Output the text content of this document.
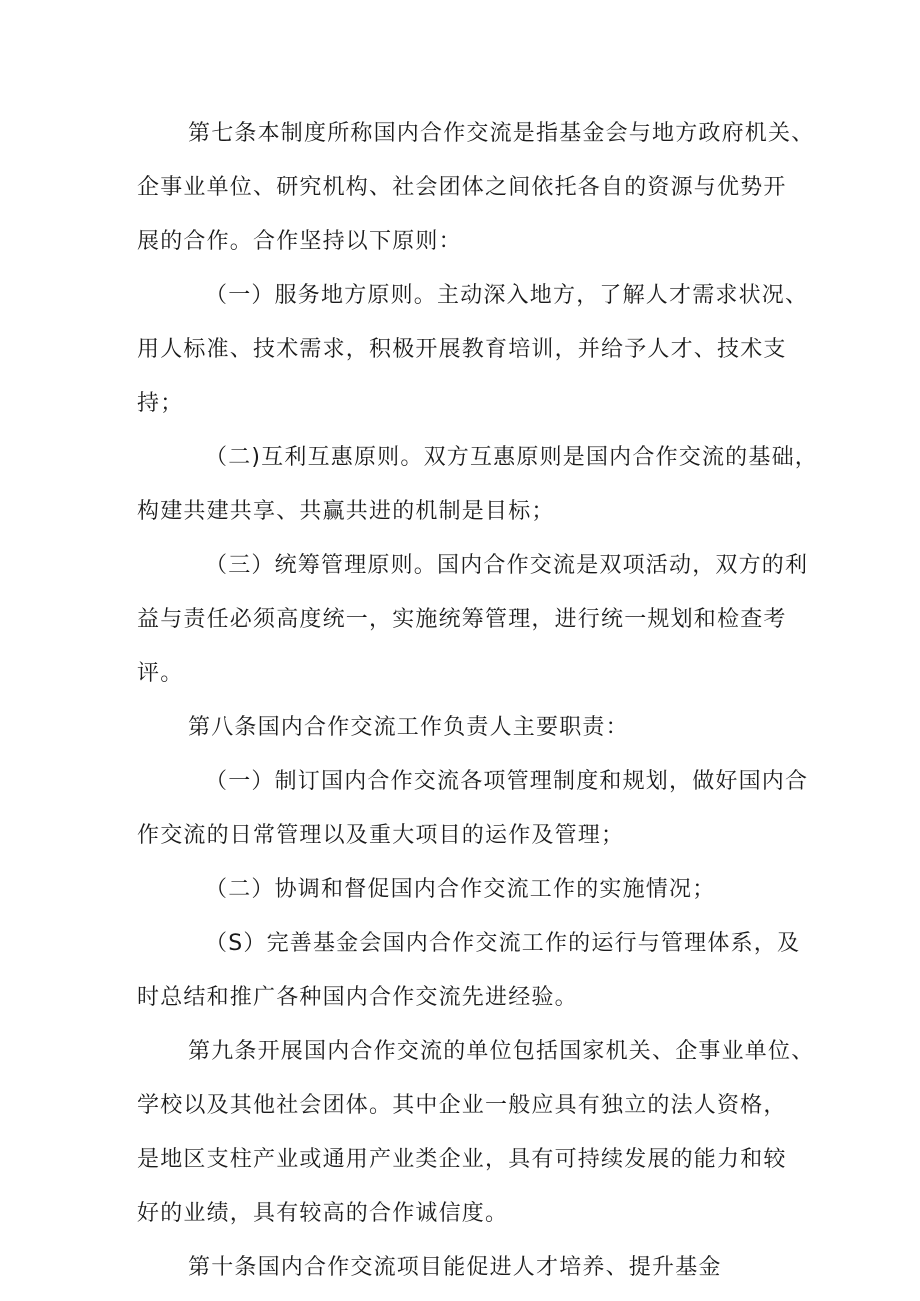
第七条本制度所称国内合作交流是指基金会与地方政府机关、
企事业单位、研究机构、社会团体之间依托各自的资源与优势开
展的合作。合作坚持以下原则：
（一）服务地方原则。主动深入地方，了解人才需求状况、
用人标准、技术需求，积极开展教育培训，并给予人才、技术支
持；
（二)互利互惠原则。双方互惠原则是国内合作交流的基础，
构建共建共享、共赢共进的机制是目标；
（三）统筹管理原则。国内合作交流是双项活动，双方的利
益与责任必须高度统一，实施统筹管理，进行统一规划和检查考
评。
第八条国内合作交流工作负责人主要职责：
（一）制订国内合作交流各项管理制度和规划，做好国内合
作交流的日常管理以及重大项目的运作及管理；
（二）协调和督促国内合作交流工作的实施情况；
（S）完善基金会国内合作交流工作的运行与管理体系，及
时总结和推广各种国内合作交流先进经验。
第九条开展国内合作交流的单位包括国家机关、企事业单位、
学校以及其他社会团体。其中企业一般应具有独立的法人资格，
是地区支柱产业或通用产业类企业，具有可持续发展的能力和较
好的业绩，具有较高的合作诚信度。
第十条国内合作交流项目能促进人才培养、提升基金
